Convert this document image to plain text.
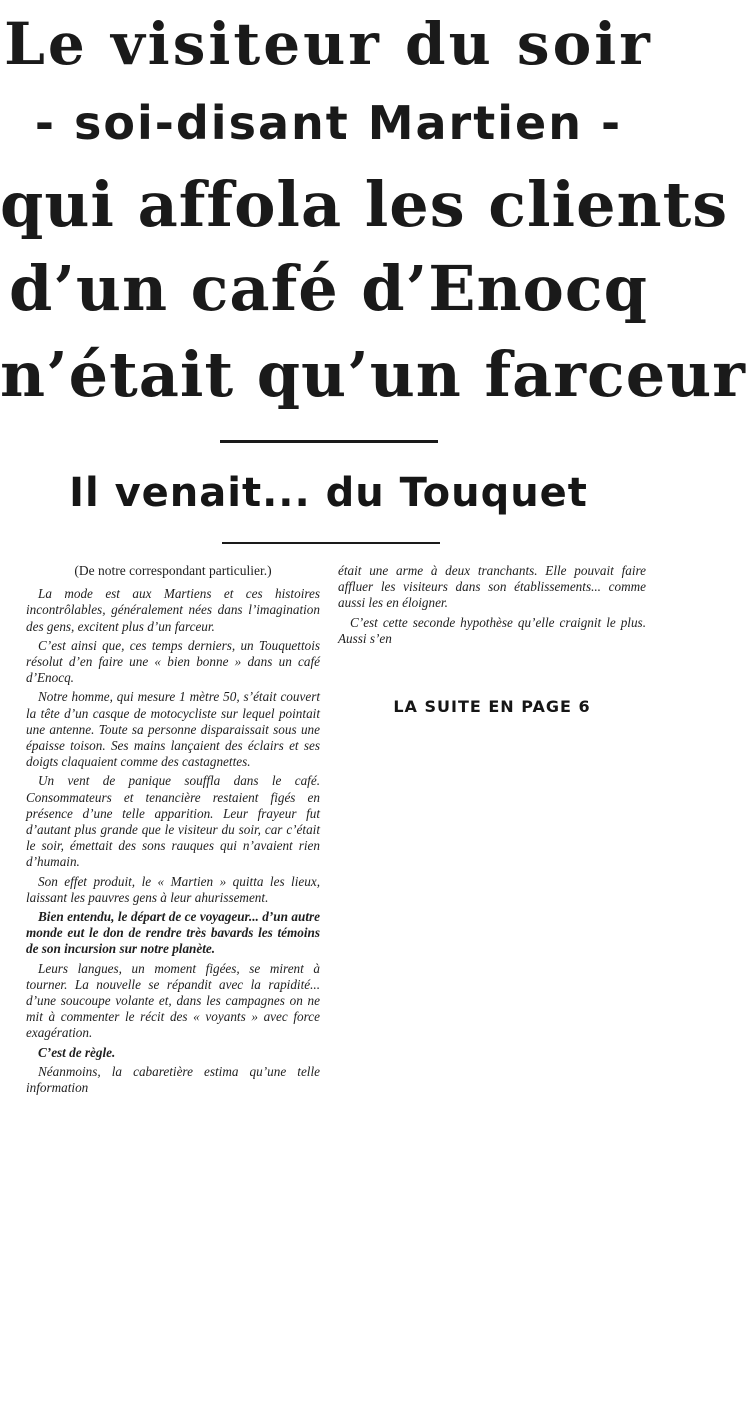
Le visiteur du soir
- soi-disant Martien -
qui affola les clients
d’un café d’Enocq
n’était qu’un farceur
Il venait... du Touquet

(De notre correspondant particulier.)

La mode est aux Martiens et ces histoires incontrôlables, généralement nées dans l’imagination des gens, excitent plus d’un farceur.

C’est ainsi que, ces temps derniers, un Touquettois résolut d’en faire une « bien bonne » dans un café d’Enocq.

Notre homme, qui mesure 1 mètre 50, s’était couvert la tête d’un casque de motocycliste sur lequel pointait une antenne. Toute sa personne disparaissait sous une épaisse toison. Ses mains lançaient des éclairs et ses doigts claquaient comme des castagnettes.

Un vent de panique souffla dans le café. Consommateurs et tenancière restaient figés en présence d’une telle apparition. Leur frayeur fut d’autant plus grande que le visiteur du soir, car c’était le soir, émettait des sons rauques qui n’avaient rien d’humain.

Son effet produit, le « Martien » quitta les lieux, laissant les pauvres gens à leur ahurissement.

Bien entendu, le départ de ce voyageur... d’un autre monde eut le don de rendre très bavards les témoins de son incursion sur notre planète.

Leurs langues, un moment figées, se mirent à tourner. La nouvelle se répandit avec la rapidité... d’une soucoupe volante et, dans les campagnes on ne mit à commenter le récit des « voyants » avec force exagération.

C’est de règle.

Néanmoins, la cabaretière estima qu’une telle information

était une arme à deux tranchants. Elle pouvait faire affluer les visiteurs dans son établissements... comme aussi les en éloigner.

C’est cette seconde hypothèse qu’elle craignit le plus. Aussi s’en

LA SUITE EN PAGE 6
